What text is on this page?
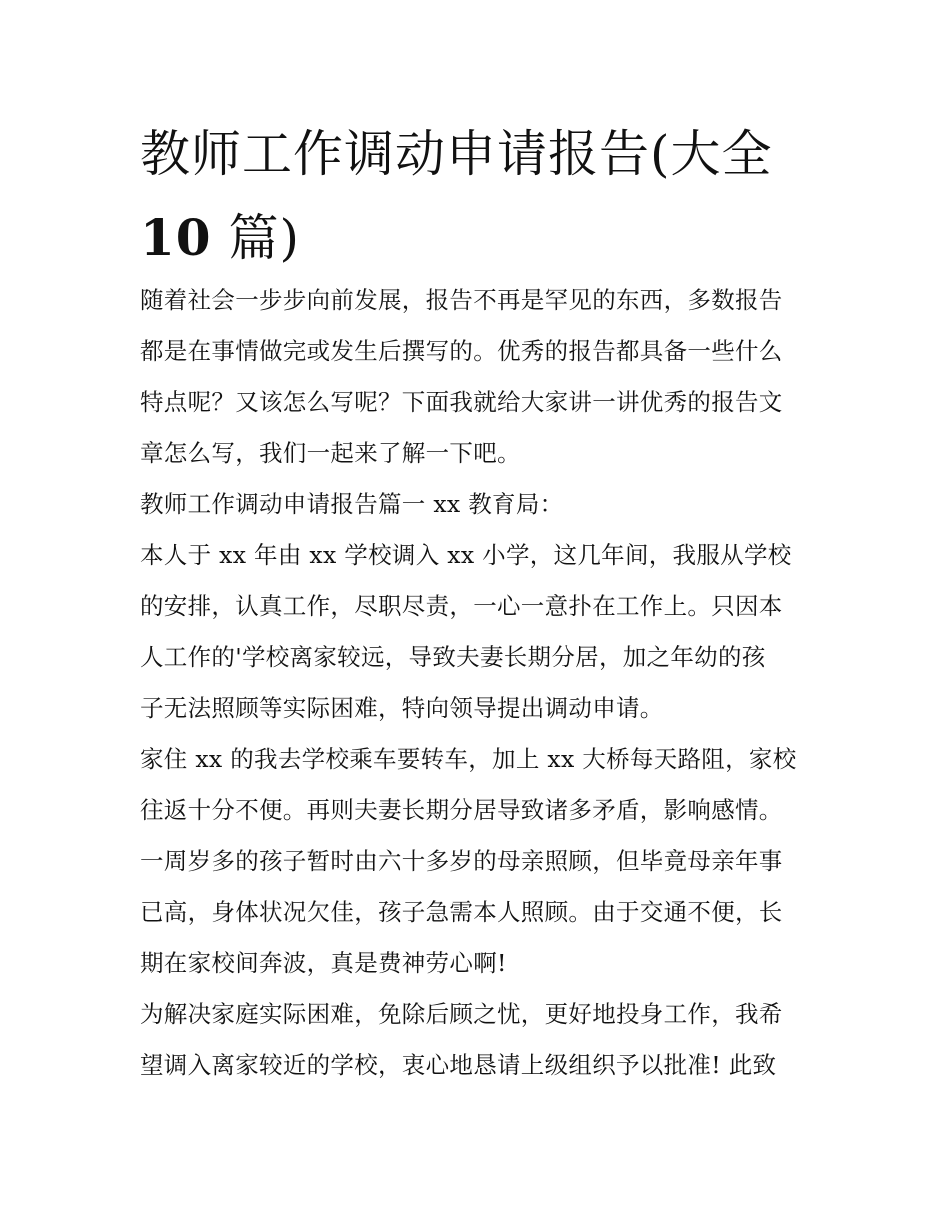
教师工作调动申请报告(大全
10 篇)

随着社会一步步向前发展，报告不再是罕见的东西，多数报告
都是在事情做完或发生后撰写的。优秀的报告都具备一些什么
特点呢？又该怎么写呢？下面我就给大家讲一讲优秀的报告文
章怎么写，我们一起来了解一下吧。

教师工作调动申请报告篇一 xx 教育局：

本人于 xx 年由 xx 学校调入 xx 小学，这几年间，我服从学校
的安排，认真工作，尽职尽责，一心一意扑在工作上。只因本
人工作的'学校离家较远，导致夫妻长期分居，加之年幼的孩
子无法照顾等实际困难，特向领导提出调动申请。

家住 xx 的我去学校乘车要转车，加上 xx 大桥每天路阻，家校
往返十分不便。再则夫妻长期分居导致诸多矛盾，影响感情。
一周岁多的孩子暂时由六十多岁的母亲照顾，但毕竟母亲年事
已高，身体状况欠佳，孩子急需本人照顾。由于交通不便，长
期在家校间奔波，真是费神劳心啊!

为解决家庭实际困难，免除后顾之忧，更好地投身工作，我希
望调入离家较近的学校，衷心地恳请上级组织予以批准! 此致
